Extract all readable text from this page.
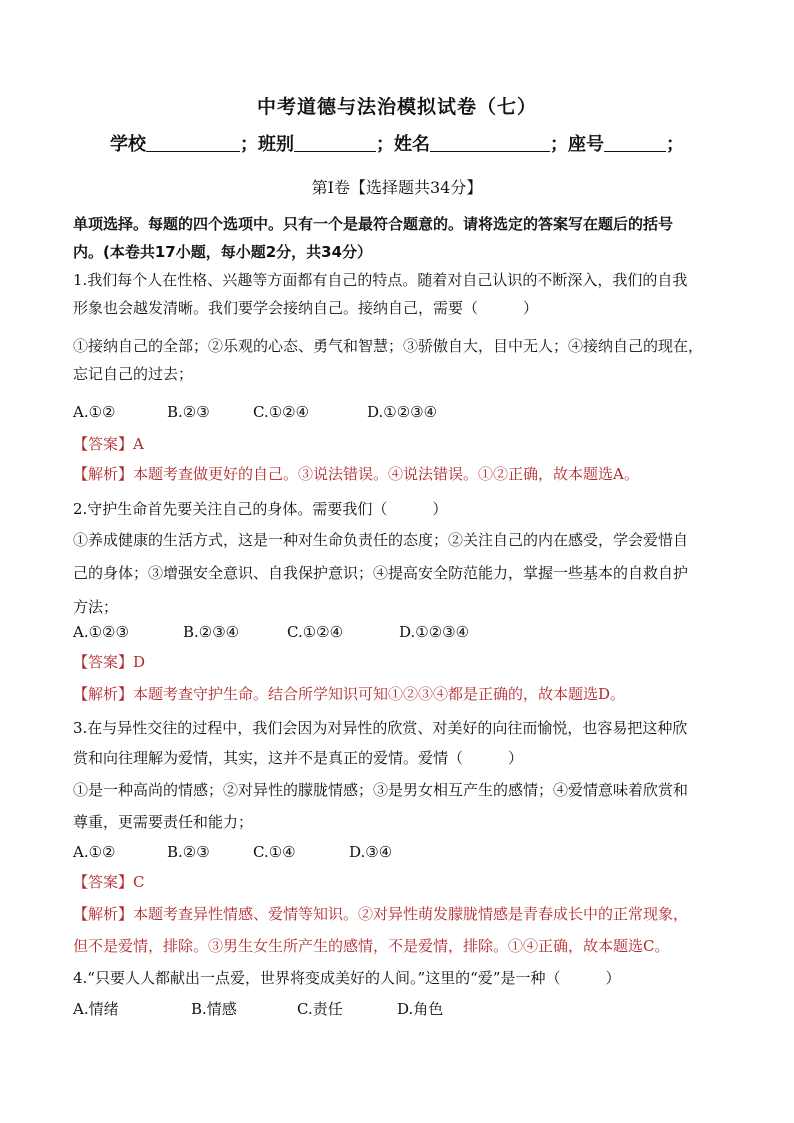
中考道德与法治模拟试卷（七）
学校	；班别	；姓名	；座号	；
第Ⅰ卷【选择题共34分】
单项选择。每题的四个选项中。只有一个是最符合题意的。请将选定的答案写在题后的括号
内。(本卷共17小题，每小题2分，共34分）
1.我们每个人在性格、兴趣等方面都有自己的特点。随着对自己认识的不断深入，我们的自我
形象也会越发清晰。我们要学会接纳自己。接纳自己，需要（　　　）
①接纳自己的全部；②乐观的心态、勇气和智慧；③骄傲自大，目中无人；④接纳自己的现在，
忘记自己的过去；
A.①②	B.②③	C.①②④	D.①②③④
【答案】A
【解析】本题考查做更好的自己。③说法错误。④说法错误。①②正确，故本题选A。
2.守护生命首先要关注自己的身体。需要我们（　　　）
①养成健康的生活方式，这是一种对生命负责任的态度；②关注自己的内在感受，学会爱惜自
己的身体；③增强安全意识、自我保护意识；④提高安全防范能力，掌握一些基本的自救自护
方法；
A.①②③	B.②③④	C.①②④	D.①②③④
【答案】D
【解析】本题考查守护生命。结合所学知识可知①②③④都是正确的，故本题选D。
3.在与异性交往的过程中，我们会因为对异性的欣赏、对美好的向往而愉悦，也容易把这种欣
赏和向往理解为爱情，其实，这并不是真正的爱情。爱情（　　　）
①是一种高尚的情感；②对异性的朦胧情感；③是男女相互产生的感情；④爱情意味着欣赏和
尊重，更需要责任和能力；
A.①②	B.②③	C.①④	D.③④
【答案】C
【解析】本题考查异性情感、爱情等知识。②对异性萌发朦胧情感是青春成长中的正常现象，
但不是爱情，排除。③男生女生所产生的感情，不是爱情，排除。①④正确，故本题选C。
4.“只要人人都献出一点爱，世界将变成美好的人间。”这里的“爱”是一种（　　　）
A.情绪	B.情感	C.责任	D.角色
